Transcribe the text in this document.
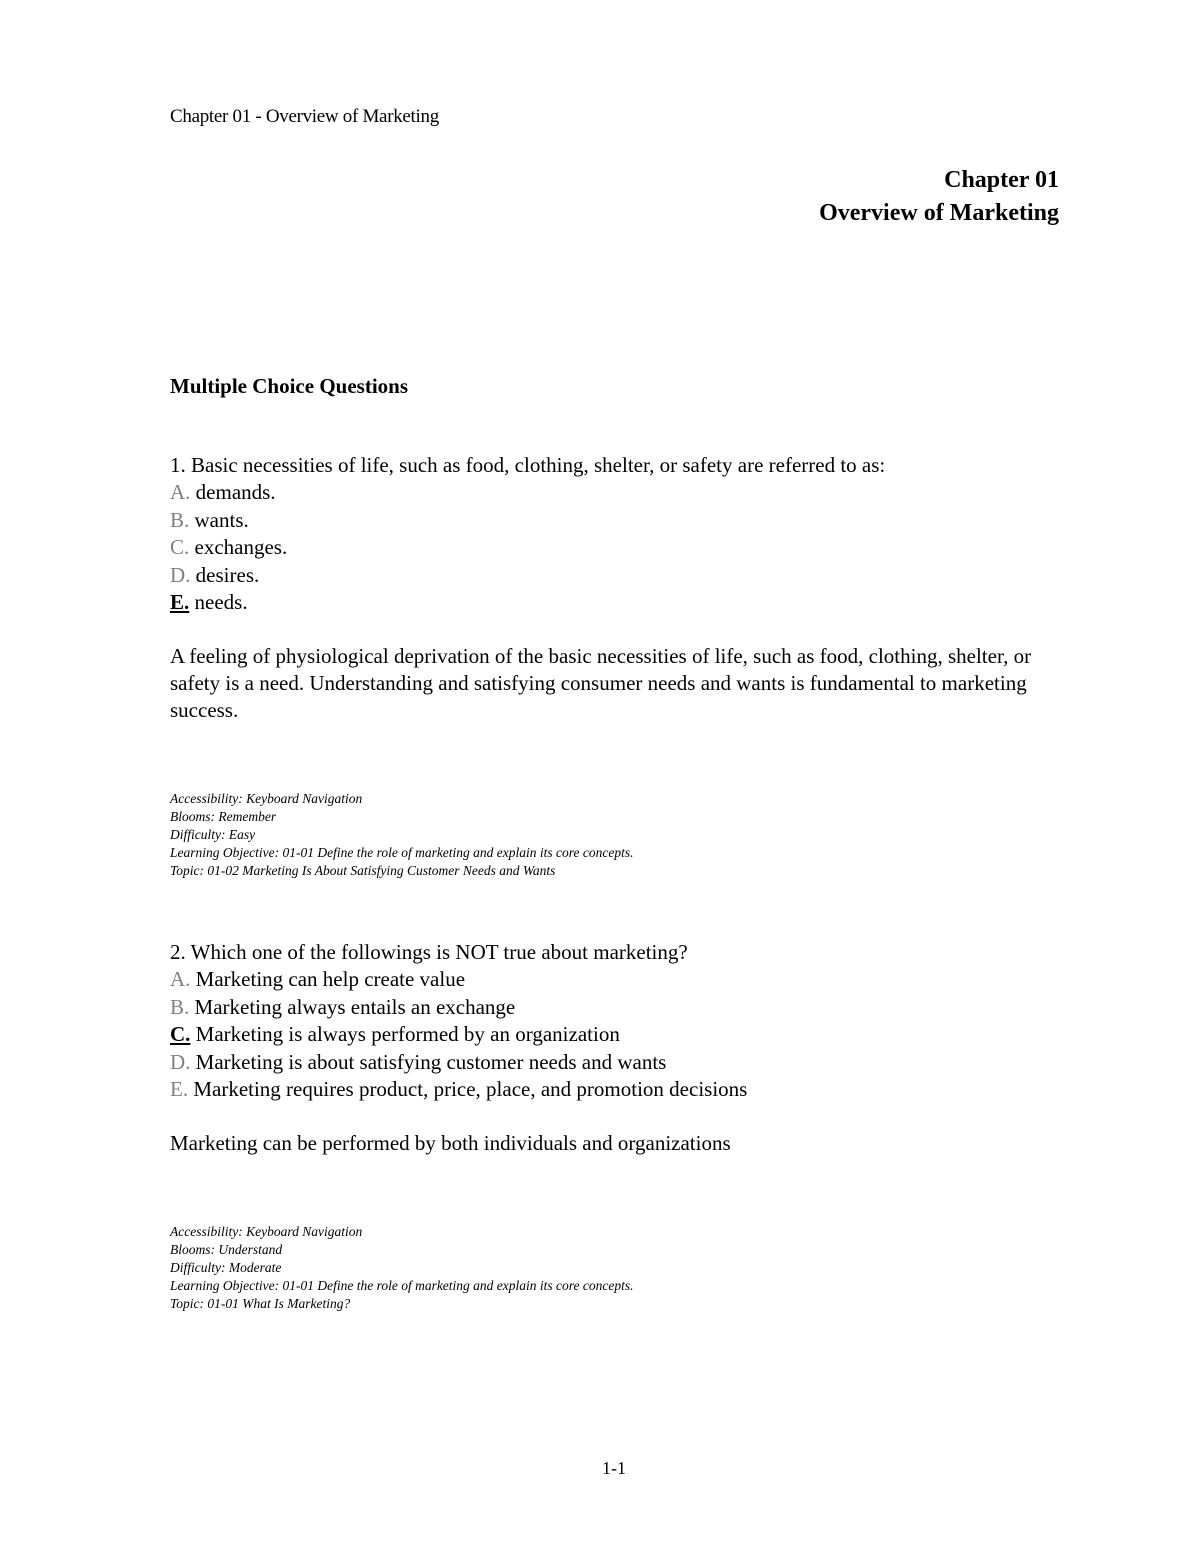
Chapter 01 - Overview of Marketing
Chapter 01
Overview of Marketing
Multiple Choice Questions
1. Basic necessities of life, such as food, clothing, shelter, or safety are referred to as:
A. demands.
B. wants.
C. exchanges.
D. desires.
E. needs.
A feeling of physiological deprivation of the basic necessities of life, such as food, clothing, shelter, or safety is a need. Understanding and satisfying consumer needs and wants is fundamental to marketing success.
Accessibility: Keyboard Navigation
Blooms: Remember
Difficulty: Easy
Learning Objective: 01-01 Define the role of marketing and explain its core concepts.
Topic: 01-02 Marketing Is About Satisfying Customer Needs and Wants
2. Which one of the followings is NOT true about marketing?
A. Marketing can help create value
B. Marketing always entails an exchange
C. Marketing is always performed by an organization
D. Marketing is about satisfying customer needs and wants
E. Marketing requires product, price, place, and promotion decisions
Marketing can be performed by both individuals and organizations
Accessibility: Keyboard Navigation
Blooms: Understand
Difficulty: Moderate
Learning Objective: 01-01 Define the role of marketing and explain its core concepts.
Topic: 01-01 What Is Marketing?
1-1
